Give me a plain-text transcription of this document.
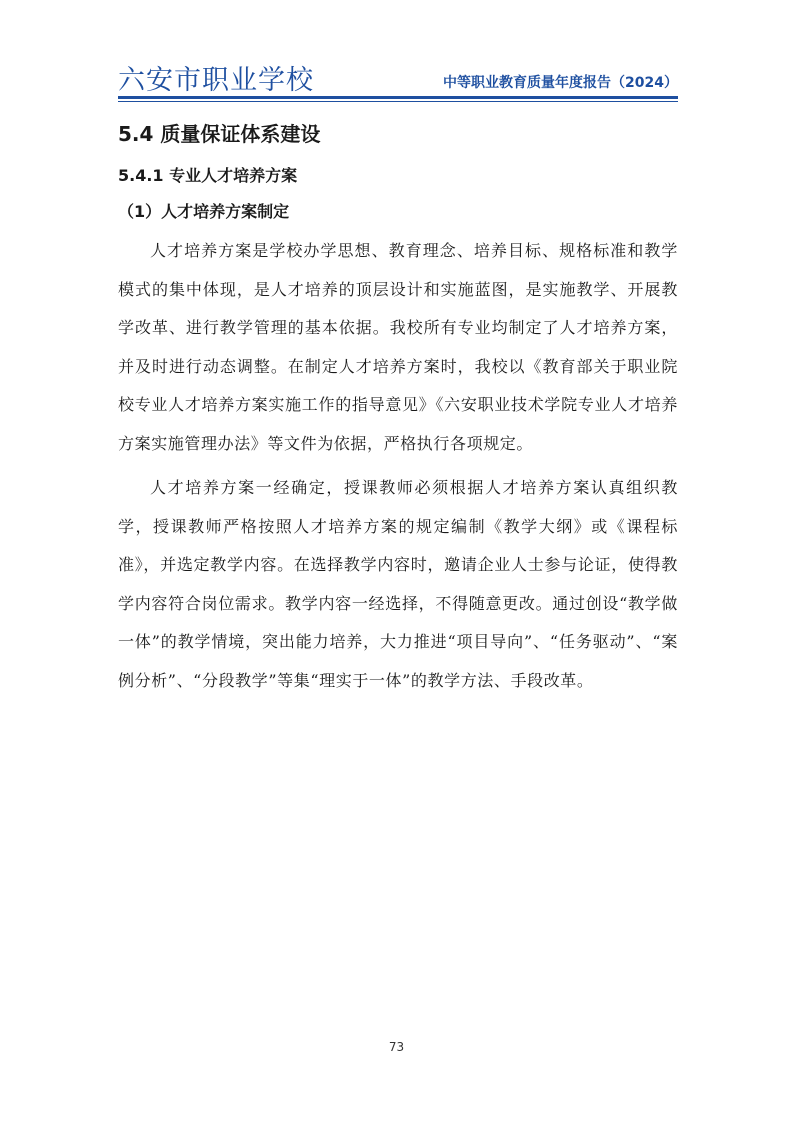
六安市职业学校	中等职业教育质量年度报告（2024）
5.4 质量保证体系建设
5.4.1 专业人才培养方案
（1）人才培养方案制定

人才培养方案是学校办学思想、教育理念、培养目标、规格标准和教学模式的集中体现，是人才培养的顶层设计和实施蓝图，是实施教学、开展教学改革、进行教学管理的基本依据。我校所有专业均制定了人才培养方案，并及时进行动态调整。在制定人才培养方案时，我校以《教育部关于职业院校专业人才培养方案实施工作的指导意见》《六安职业技术学院专业人才培养方案实施管理办法》等文件为依据，严格执行各项规定。

人才培养方案一经确定，授课教师必须根据人才培养方案认真组织教学，授课教师严格按照人才培养方案的规定编制《教学大纲》或《课程标准》，并选定教学内容。在选择教学内容时，邀请企业人士参与论证，使得教学内容符合岗位需求。教学内容一经选择，不得随意更改。通过创设“教学做一体”的教学情境，突出能力培养，大力推进“项目导向”、“任务驱动”、“案例分析”、“分段教学”等集“理实于一体”的教学方法、手段改革。

73
